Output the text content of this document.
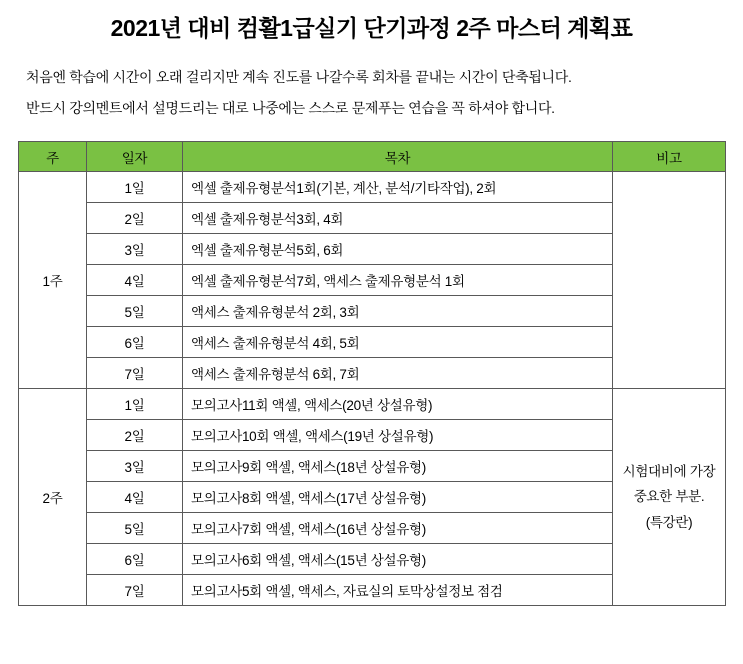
2021년 대비 컴활1급실기 단기과정 2주 마스터 계획표

처음엔 학습에 시간이 오래 걸리지만 계속 진도를 나갈수록 회차를 끝내는 시간이 단축됩니다.

반드시 강의멘트에서 설명드리는 대로 나중에는 스스로 문제푸는 연습을 꼭 하셔야 합니다.

주	일자	목차	비고
1주	1일	엑셀 출제유형분석1회(기본, 계산, 분석/기타작업), 2회	
	2일	엑셀 출제유형분석3회, 4회	
	3일	엑셀 출제유형분석5회, 6회	
	4일	엑셀 출제유형분석7회, 액세스 출제유형분석 1회	
	5일	액세스 출제유형분석 2회, 3회	
	6일	액세스 출제유형분석 4회, 5회	
	7일	액세스 출제유형분석 6회, 7회	
2주	1일	모의고사11회 액셀, 액세스(20년 상설유형)	시험대비에 가장
중요한 부분.
(특강란)

	2일	모의고사10회 액셀, 액세스(19년 상설유형)	
	3일	모의고사9회 액셀, 액세스(18년 상설유형)	
	4일	모의고사8회 액셀, 액세스(17년 상설유형)	
	5일	모의고사7회 액셀, 액세스(16년 상설유형)	
	6일	모의고사6회 액셀, 액세스(15년 상설유형)	
	7일	모의고사5회 액셀, 액세스, 자료실의 토막상설정보 점검	
